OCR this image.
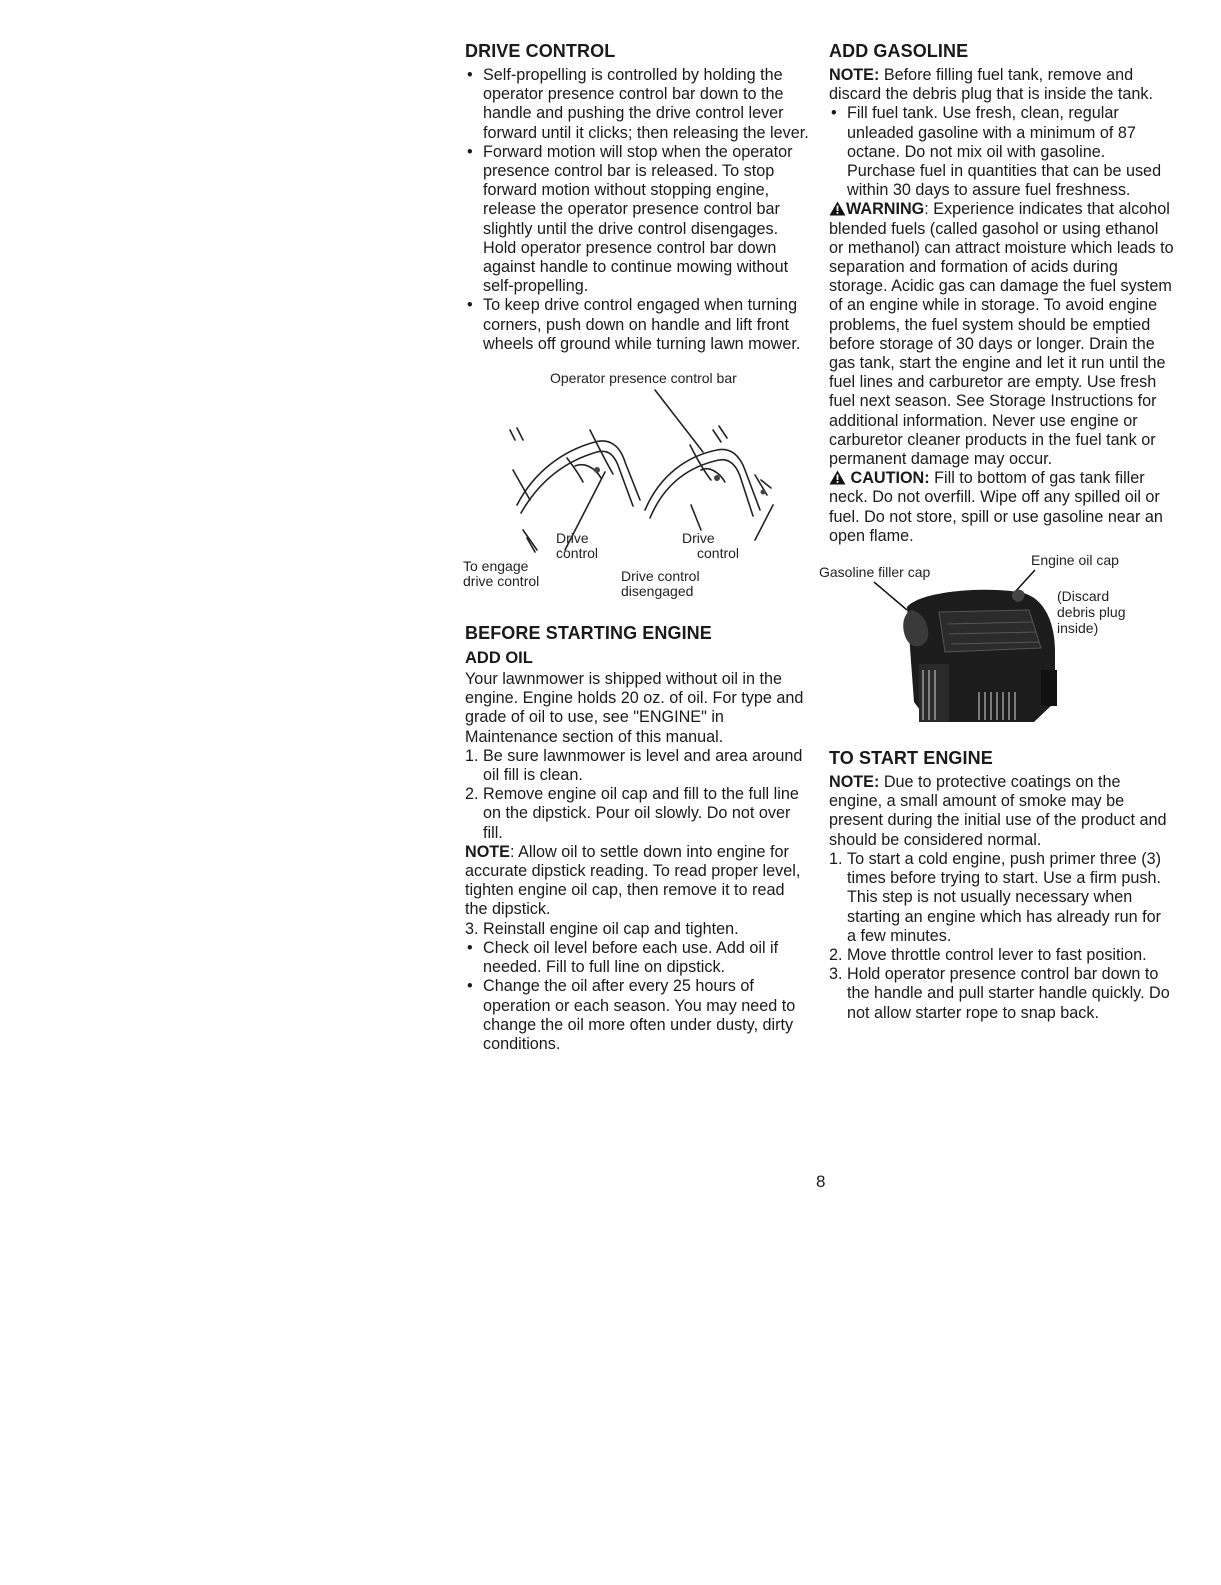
DRIVE CONTROL
• Self-propelling is controlled by holding the operator presence control bar down to the handle and pushing the drive control lever forward until it clicks; then releasing the lever.
• Forward motion will stop when the operator presence control bar is released. To stop forward motion without stopping engine, release the operator presence control bar slightly until the drive control disengages. Hold operator presence control bar down against handle to continue mowing without self-propelling.
• To keep drive control engaged when turning corners, push down on handle and lift front wheels off ground while turning lawn mower.
Operator presence control bar
Drive
control
Drive
control
To engage
drive control	Drive control
disengaged
BEFORE STARTING ENGINE
ADD OIL

Your lawnmower is shipped without oil in the engine. Engine holds 20 oz. of oil. For type and grade of oil to use, see "ENGINE" in Maintenance section of this manual.

1. Be sure lawnmower is level and area around oil fill is clean.
2. Remove engine oil cap and fill to the full line on the dipstick. Pour oil slowly. Do not over fill.

NOTE: Allow oil to settle down into engine for accurate dipstick reading. To read proper level, tighten engine oil cap, then remove it to read the dipstick.

3. Reinstall engine oil cap and tighten.
• Check oil level before each use. Add oil if needed. Fill to full line on dipstick.
• Change the oil after every 25 hours of operation or each season. You may need to change the oil more often under dusty, dirty conditions.
ADD GASOLINE

NOTE: Before filling fuel tank, remove and discard the debris plug that is inside the tank.

• Fill fuel tank. Use fresh, clean, regular unleaded gasoline with a minimum of 87 octane. Do not mix oil with gasoline. Purchase fuel in quantities that can be used within 30 days to assure fuel freshness.

WARNING: Experience indicates that alcohol blended fuels (called gasohol or using ethanol or methanol) can attract moisture which leads to separation and formation of acids during storage. Acidic gas can damage the fuel system of an engine while in storage. To avoid engine problems, the fuel system should be emptied before storage of 30 days or longer. Drain the gas tank, start the engine and let it run until the fuel lines and carburetor are empty. Use fresh fuel next season. See Storage Instructions for additional information. Never use engine or carburetor cleaner products in the fuel tank or permanent damage may occur.

CAUTION: Fill to bottom of gas tank filler neck. Do not overfill. Wipe off any spilled oil or fuel. Do not store, spill or use gasoline near an open flame.

Engine oil cap
Gasoline filler cap
(Discard
debris plug
inside)
TO START ENGINE

NOTE: Due to protective coatings on the engine, a small amount of smoke may be present during the initial use of the product and should be considered normal.

1. To start a cold engine, push primer three (3) times before trying to start. Use a firm push. This step is not usually necessary when starting an engine which has already run for a few minutes.
2. Move throttle control lever to fast position.
3. Hold operator presence control bar down to the handle and pull starter handle quickly. Do not allow starter rope to snap back.
8
